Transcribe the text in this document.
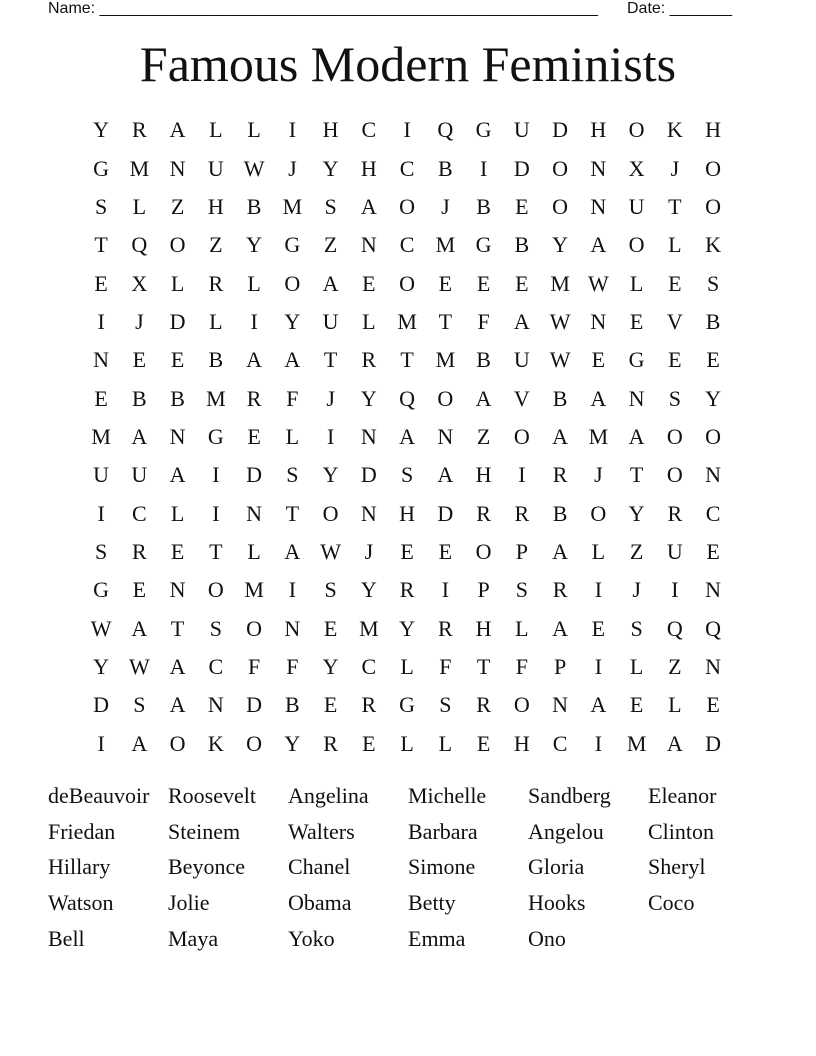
Name: ________________________________________________________ Date: _______
Famous Modern Feminists
Y	R	A	L	L	I	H	C	I	Q	G	U	D	H	O	K	H
G M N	U W	J	Y	H	C	B	I	D	O	N	X	J	O
S	L	Z	H	B M	S	A	O	J	B	E	O	N	U	T	O
T	Q	O	Z	Y	G	Z	N	C M G	B	Y	A	O	L	K
E	X	L	R	L	O	A	E	O	E	E	E M W L	E	S
I	J	D	L	I	Y	U	L M T	F	A W N	E	V	B
N	E	E	B	A	A	T	R	T M B	U W E	G	E	E
E	B	B M R	F	J	Y	Q	O	A	V	B	A	N	S	Y
M A	N	G	E	L	I	N	A	N	Z	O	A M A	O	O
U	U	A	I	D	S	Y	D	S	A	H	I	R	J	T	O	N
I	C	L	I	N	T	O	N	H	D	R	R	B	O	Y	R	C
S	R	E	T	L	A W	J	E	E	O	P	A	L	Z	U	E
G	E	N	O M	I	S	Y	R	I	P	S	R	I	J	I	N
W A	T	S	O	N	E M Y	R	H	L	A	E	S	Q	Q
Y W A	C	F	F	Y	C	L	F	T	F	P	I	L	Z	N
D	S	A	N	D	B	E	R	G	S	R	O	N	A	E	L	E
I	A	O	K	O	Y	R	E	L	L	E	H	C	I	M A	D
deBeauvoir Roosevelt	Angelina	Michelle	Sandberg	Eleanor
Friedan	Steinem	Walters	Barbara	Angelou	Clinton
Hillary	Beyonce	Chanel	Simone	Gloria	Sheryl
Watson	Jolie	Obama	Betty	Hooks	Coco
Bell	Maya	Yoko	Emma	Ono
